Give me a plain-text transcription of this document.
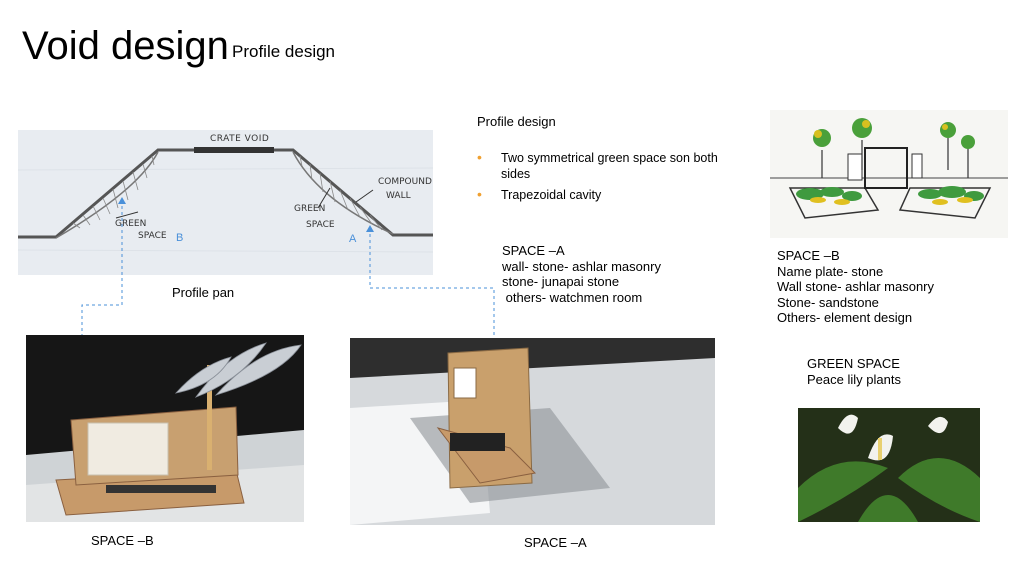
Void design Profile design
CRATE VOID
COMPOUND
WALL
GREEN
SPACE
GREEN
SPACE
B	A
Profile pan
Profile design
• Two symmetrical green space son both
sides
• Trapezoidal cavity
SPACE –A
wall- stone- ashlar masonry
stone- junapai stone
others- watchmen room
SPACE –B
Name plate- stone
Wall stone- ashlar masonry
Stone- sandstone
Others- element design
GREEN SPACE
Peace lily plants
SPACE –B	SPACE –A
